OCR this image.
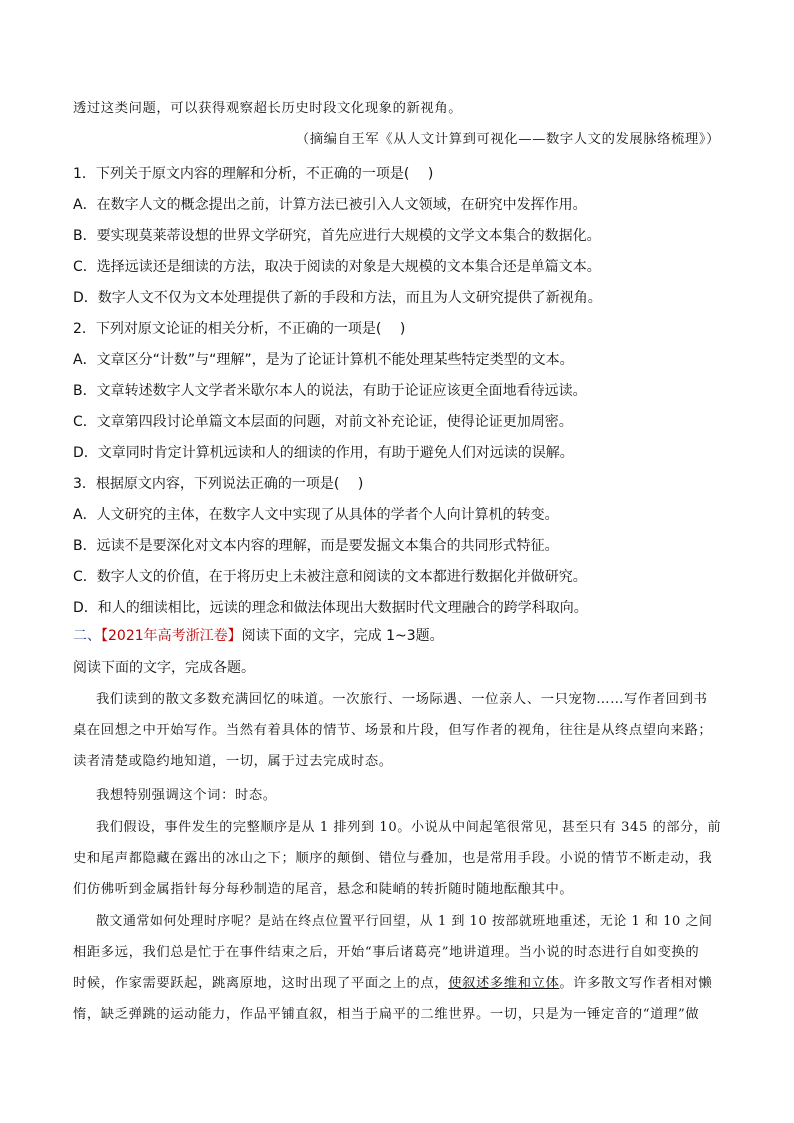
透过这类问题，可以获得观察超长历史时段文化现象的新视角。
（摘编自王军《从人文计算到可视化——数字人文的发展脉络梳理》）
1．下列关于原文内容的理解和分析，不正确的一项是(　 )
A．在数字人文的概念提出之前，计算方法已被引入人文领域，在研究中发挥作用。
B．要实现莫莱蒂设想的世界文学研究，首先应进行大规模的文学文本集合的数据化。
C．选择远读还是细读的方法，取决于阅读的对象是大规模的文本集合还是单篇文本。
D．数字人文不仅为文本处理提供了新的手段和方法，而且为人文研究提供了新视角。
2．下列对原文论证的相关分析，不正确的一项是(　 )
A．文章区分“计数”与“理解”，是为了论证计算机不能处理某些特定类型的文本。
B．文章转述数字人文学者米歇尔本人的说法，有助于论证应该更全面地看待远读。
C．文章第四段讨论单篇文本层面的问题，对前文补充论证，使得论证更加周密。
D．文章同时肯定计算机远读和人的细读的作用，有助于避免人们对远读的误解。
3．根据原文内容，下列说法正确的一项是(　 )
A．人文研究的主体，在数字人文中实现了从具体的学者个人向计算机的转变。
B．远读不是要深化对文本内容的理解，而是要发掘文本集合的共同形式特征。
C．数字人文的价值，在于将历史上未被注意和阅读的文本都进行数据化并做研究。
D．和人的细读相比，远读的理念和做法体现出大数据时代文理融合的跨学科取向。
二、【2021年高考浙江卷】阅读下面的文字，完成 1~3题。
阅读下面的文字，完成各题。
我们读到的散文多数充满回忆的味道。一次旅行、一场际遇、一位亲人、一只宠物……写作者回到书
桌在回想之中开始写作。当然有着具体的情节、场景和片段，但写作者的视角，往往是从终点望向来路；
读者清楚或隐约地知道，一切，属于过去完成时态。
我想特别强调这个词：时态。
我们假设，事件发生的完整顺序是从 1 排列到 10。小说从中间起笔很常见，甚至只有 345 的部分，前
史和尾声都隐藏在露出的冰山之下；顺序的颠倒、错位与叠加，也是常用手段。小说的情节不断走动，我
们仿佛听到金属指针每分每秒制造的尾音，悬念和陡峭的转折随时随地酝酿其中。
散文通常如何处理时序呢？是站在终点位置平行回望，从 1 到 10 按部就班地重述，无论 1 和 10 之间
相距多远，我们总是忙于在事件结束之后，开始“事后诸葛亮”地讲道理。当小说的时态进行自如变换的
时候，作家需要跃起，跳离原地，这时出现了平面之上的点，使叙述多维和立体。许多散文写作者相对懒
惰，缺乏弹跳的运动能力，作品平铺直叙，相当于扁平的二维世界。一切，只是为一锤定音的“道理”做
